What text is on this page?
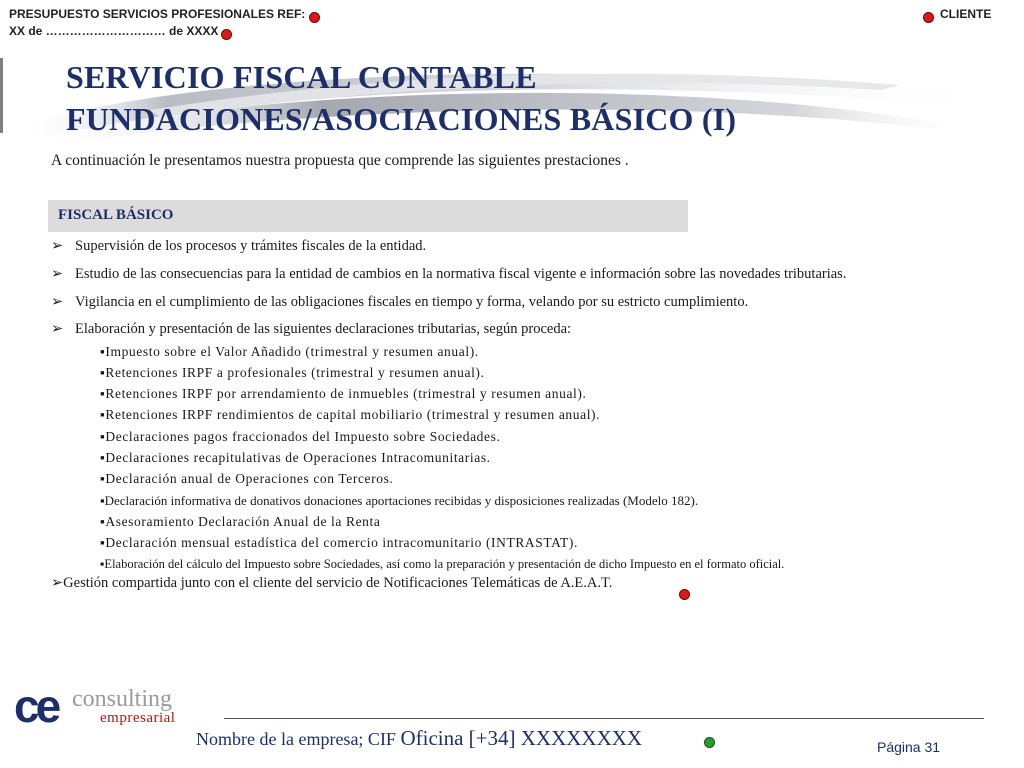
PRESUPUESTO SERVICIOS PROFESIONALES REF:
XX de ………………………… de XXXX
CLIENTE
SERVICIO FISCAL CONTABLE
FUNDACIONES/ASOCIACIONES BÁSICO (I)
A continuación le presentamos nuestra propuesta que comprende las siguientes prestaciones .
FISCAL BÁSICO
➢ Supervisión de los procesos y trámites fiscales de la entidad.
➢ Estudio de las consecuencias para la entidad de cambios en la normativa fiscal vigente e información sobre las novedades tributarias.
➢ Vigilancia en el cumplimiento de las obligaciones fiscales en tiempo y forma, velando por su estricto cumplimiento.
➢ Elaboración y presentación de las siguientes declaraciones tributarias, según proceda:
▪Impuesto sobre el Valor Añadido (trimestral y resumen anual).
▪Retenciones IRPF a profesionales (trimestral y resumen anual).
▪Retenciones IRPF por arrendamiento de inmuebles (trimestral y resumen anual).
▪Retenciones IRPF rendimientos de capital mobiliario (trimestral y resumen anual).
▪Declaraciones pagos fraccionados del Impuesto sobre Sociedades.
▪Declaraciones recapitulativas de Operaciones Intracomunitarias.
▪Declaración anual de Operaciones con Terceros.
▪Declaración informativa de donativos donaciones aportaciones recibidas y disposiciones realizadas (Modelo 182).
▪Asesoramiento Declaración Anual de la Renta
▪Declaración mensual estadística del comercio intracomunitario (INTRASTAT).
▪Elaboración del cálculo del Impuesto sobre Sociedades, así como la preparación y presentación de dicho Impuesto en el formato oficial.
➢Gestión compartida junto con el cliente del servicio de Notificaciones Telemáticas de A.E.A.T.
ce consulting
empresarial
Nombre de la empresa; CIF Oficina [+34] XXXXXXXX	Página 31
